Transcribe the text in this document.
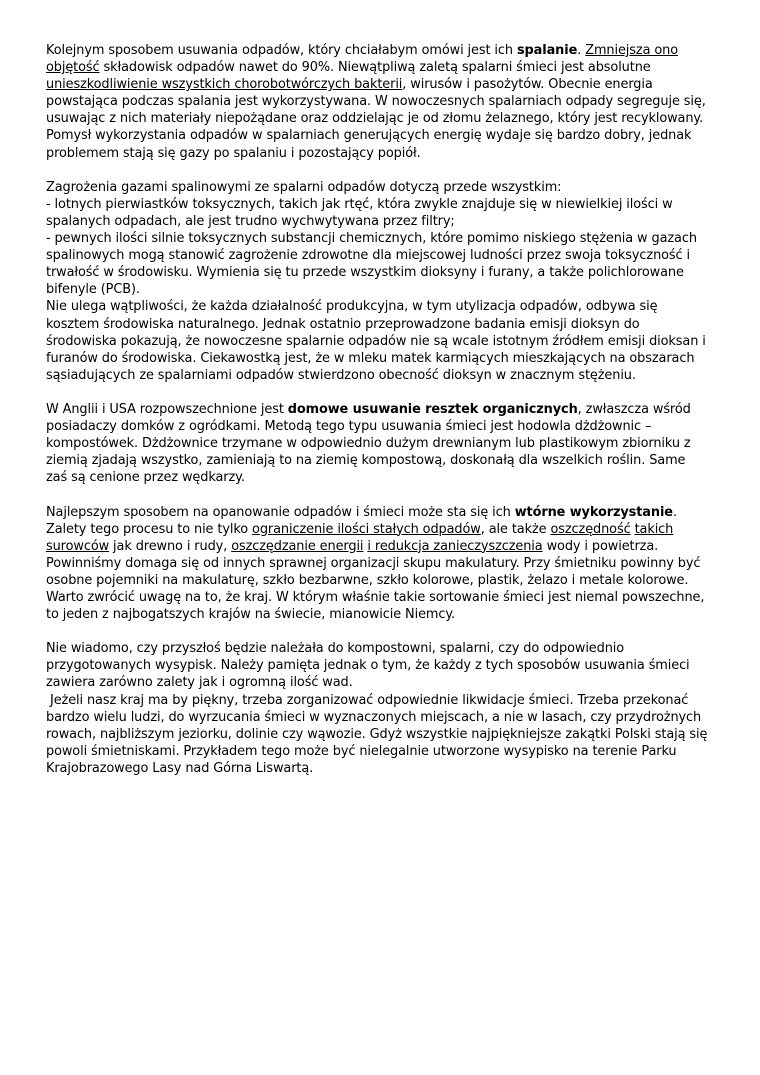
Kolejnym sposobem usuwania odpadów, który chciałabym omówi jest ich spalanie. Zmniejsza ono
objętość składowisk odpadów nawet do 90%. Niewątpliwą zaletą spalarni śmieci jest absolutne
unieszkodliwienie wszystkich chorobotwórczych bakterii, wirusów i pasożytów. Obecnie energia
powstająca podczas spalania jest wykorzystywana. W nowoczesnych spalarniach odpady segreguje się,
usuwając z nich materiały niepożądane oraz oddzielając je od złomu żelaznego, który jest recyklowany.
Pomysł wykorzystania odpadów w spalarniach generujących energię wydaje się bardzo dobry, jednak
problemem stają się gazy po spalaniu i pozostający popiół.
Zagrożenia gazami spalinowymi ze spalarni odpadów dotyczą przede wszystkim:
- lotnych pierwiastków toksycznych, takich jak rtęć, która zwykle znajduje się w niewielkiej ilości w
spalanych odpadach, ale jest trudno wychwytywana przez filtry;
- pewnych ilości silnie toksycznych substancji chemicznych, które pomimo niskiego stężenia w gazach
spalinowych mogą stanowić zagrożenie zdrowotne dla miejscowej ludności przez swoja toksyczność i
trwałość w środowisku. Wymienia się tu przede wszystkim dioksyny i furany, a także polichlorowane
bifenyle (PCB).
Nie ulega wątpliwości, że każda działalność produkcyjna, w tym utylizacja odpadów, odbywa się
kosztem środowiska naturalnego. Jednak ostatnio przeprowadzone badania emisji dioksyn do
środowiska pokazują, że nowoczesne spalarnie odpadów nie są wcale istotnym źródłem emisji dioksan i
furanów do środowiska. Ciekawostką jest, że w mleku matek karmiących mieszkających na obszarach
sąsiadujących ze spalarniami odpadów stwierdzono obecność dioksyn w znacznym stężeniu.
W Anglii i USA rozpowszechnione jest domowe usuwanie resztek organicznych, zwłaszcza wśród
posiadaczy domków z ogródkami. Metodą tego typu usuwania śmieci jest hodowla dżdżownic –
kompostówek. Dżdżownice trzymane w odpowiednio dużym drewnianym lub plastikowym zbiorniku z
ziemią zjadają wszystko, zamieniają to na ziemię kompostową, doskonałą dla wszelkich roślin. Same
zaś są cenione przez wędkarzy.
Najlepszym sposobem na opanowanie odpadów i śmieci może sta się ich wtórne wykorzystanie.
Zalety tego procesu to nie tylko ograniczenie ilości stałych odpadów, ale także oszczędność takich
surowców jak drewno i rudy, oszczędzanie energii i redukcja zanieczyszczenia wody i powietrza.
Powinniśmy domaga się od innych sprawnej organizacji skupu makulatury. Przy śmietniku powinny być
osobne pojemniki na makulaturę, szkło bezbarwne, szkło kolorowe, plastik, żelazo i metale kolorowe.
Warto zwrócić uwagę na to, że kraj. W którym właśnie takie sortowanie śmieci jest niemal powszechne,
to jeden z najbogatszych krajów na świecie, mianowicie Niemcy.
Nie wiadomo, czy przyszłoś będzie należała do kompostowni, spalarni, czy do odpowiednio
przygotowanych wysypisk. Należy pamięta jednak o tym, że każdy z tych sposobów usuwania śmieci
zawiera zarówno zalety jak i ogromną ilość wad.
Jeżeli nasz kraj ma by piękny, trzeba zorganizować odpowiednie likwidacje śmieci. Trzeba przekonać
bardzo wielu ludzi, do wyrzucania śmieci w wyznaczonych miejscach, a nie w lasach, czy przydrożnych
rowach, najbliższym jeziorku, dolinie czy wąwozie. Gdyż wszystkie najpiękniejsze zakątki Polski stają się
powoli śmietniskami. Przykładem tego może być nielegalnie utworzone wysypisko na terenie Parku
Krajobrazowego Lasy nad Górna Liswartą.
